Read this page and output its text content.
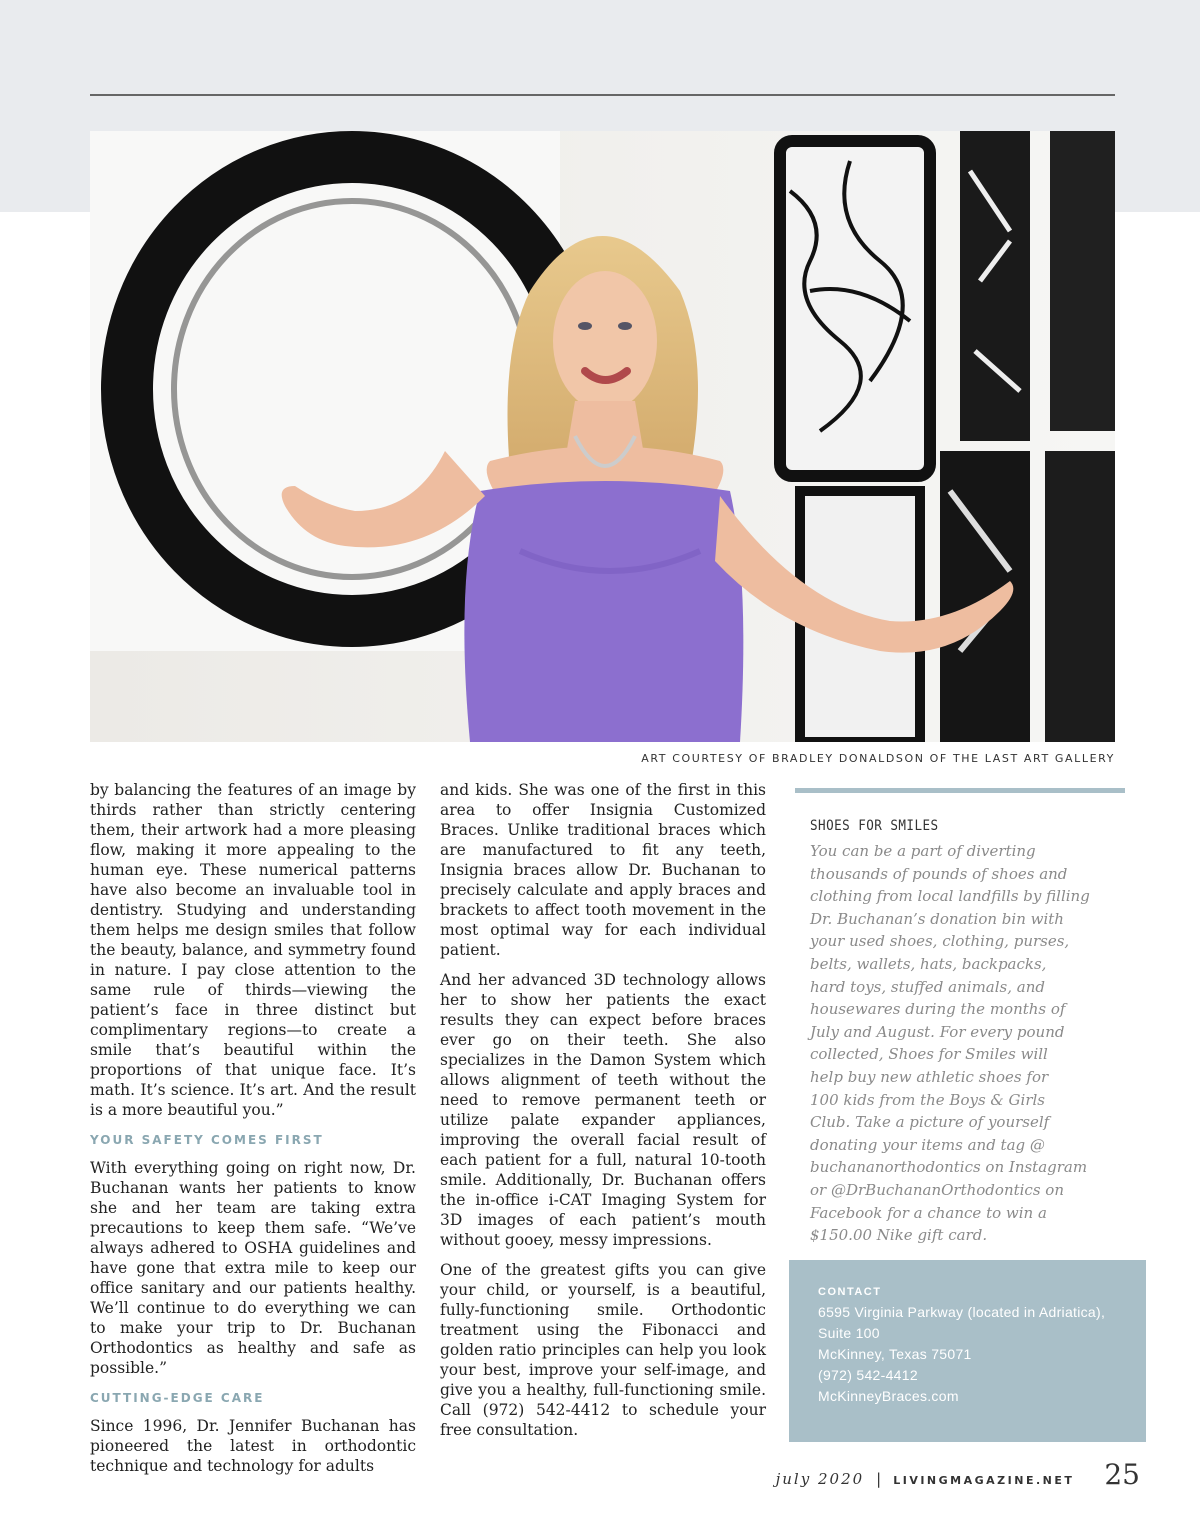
ART COURTESY OF BRADLEY DONALDSON OF THE LAST ART GALLERY

by balancing the features of an image by thirds rather than strictly centering them, their artwork had a more pleasing flow, making it more appealing to the human eye. These numerical patterns have also become an invaluable tool in dentistry. Studying and understanding them helps me design smiles that follow the beauty, balance, and symmetry found in nature. I pay close attention to the same rule of thirds—viewing the patient’s face in three distinct but complimentary regions—to create a smile that’s beautiful within the proportions of that unique face. It’s math. It’s science. It’s art. And the result is a more beautiful you.”

YOUR SAFETY COMES FIRST

With everything going on right now, Dr. Buchanan wants her patients to know she and her team are taking extra precautions to keep them safe. “We’ve always adhered to OSHA guidelines and have gone that extra mile to keep our office sanitary and our patients healthy. We’ll continue to do everything we can to make your trip to Dr. Buchanan Orthodontics as healthy and safe as possible.”

CUTTING-EDGE CARE

Since 1996, Dr. Jennifer Buchanan has pioneered the latest in orthodontic technique and technology for adults

and kids. She was one of the first in this area to offer Insignia Customized Braces. Unlike traditional braces which are manufactured to fit any teeth, Insignia braces allow Dr. Buchanan to precisely calculate and apply braces and brackets to affect tooth movement in the most optimal way for each individual patient.

And her advanced 3D technology allows her to show her patients the exact results they can expect before braces ever go on their teeth. She also specializes in the Damon System which allows alignment of teeth without the need to remove permanent teeth or utilize palate expander appliances, improving the overall facial result of each patient for a full, natural 10-tooth smile. Additionally, Dr. Buchanan offers the in-office i-CAT Imaging System for 3D images of each patient’s mouth without gooey, messy impressions.

One of the greatest gifts you can give your child, or yourself, is a beautiful, fully-functioning smile. Orthodontic treatment using the Fibonacci and golden ratio principles can help you look your best, improve your self-image, and give you a healthy, full-functioning smile. Call (972) 542-4412 to schedule your free consultation.

SHOES FOR SMILES
You can be a part of diverting
thousands of pounds of shoes and
clothing from local landfills by filling
Dr. Buchanan’s donation bin with
your used shoes, clothing, purses,
belts, wallets, hats, backpacks,
hard toys, stuffed animals, and
housewares during the months of
July and August. For every pound
collected, Shoes for Smiles will
help buy new athletic shoes for
100 kids from the Boys & Girls
Club. Take a picture of yourself
donating your items and tag @
buchananorthodontics on Instagram
or @DrBuchananOrthodontics on
Facebook for a chance to win a
$150.00 Nike gift card.
CONTACT
6595 Virginia Parkway (located in Adriatica),
Suite 100
McKinney, Texas 75071
(972) 542-4412
McKinneyBraces.com
july 2020 | LIVINGMAGAZINE.NET 25
